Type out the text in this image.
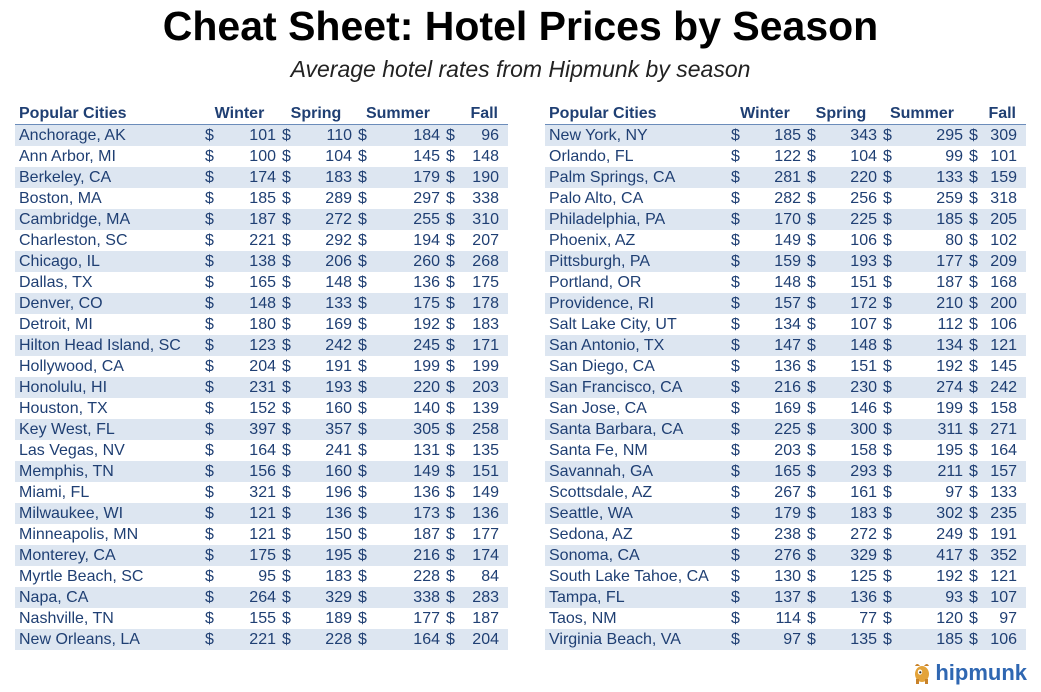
Cheat Sheet: Hotel Prices by Season
Average hotel rates from Hipmunk by season
Popular Cities	Winter	Spring	Summer	Fall
Anchorage, AK	$ 101	$ 110	$ 184	$ 96

Ann Arbor, MI	$ 100	$ 104	$ 145	$ 148

Berkeley, CA	$ 174	$ 183	$ 179	$ 190

Boston, MA	$ 185	$ 289	$ 297	$ 338

Cambridge, MA	$ 187	$ 272	$ 255	$ 310

Charleston, SC	$ 221	$ 292	$ 194	$ 207

Chicago, IL	$ 138	$ 206	$ 260	$ 268

Dallas, TX	$ 165	$ 148	$ 136	$ 175

Denver, CO	$ 148	$ 133	$ 175	$ 178

Detroit, MI	$ 180	$ 169	$ 192	$ 183

Hilton Head Island, SC	$ 123	$ 242	$ 245	$ 171

Hollywood, CA	$ 204	$ 191	$ 199	$ 199

Honolulu, HI	$ 231	$ 193	$ 220	$ 203

Houston, TX	$ 152	$ 160	$ 140	$ 139

Key West, FL	$ 397	$ 357	$ 305	$ 258

Las Vegas, NV	$ 164	$ 241	$ 131	$ 135

Memphis, TN	$ 156	$ 160	$ 149	$ 151

Miami, FL	$ 321	$ 196	$ 136	$ 149

Milwaukee, WI	$ 121	$ 136	$ 173	$ 136

Minneapolis, MN	$ 121	$ 150	$ 187	$ 177

Monterey, CA	$ 175	$ 195	$ 216	$ 174

Myrtle Beach, SC	$ 95	$ 183	$ 228	$ 84

Napa, CA	$ 264	$ 329	$ 338	$ 283

Nashville, TN	$ 155	$ 189	$ 177	$ 187

New Orleans, LA	$ 221	$ 228	$ 164	$ 204
Popular Cities	Winter	Spring	Summer	Fall
New York, NY	$ 185	$ 343	$ 295	$ 309

Orlando, FL	$ 122	$ 104	$ 99	$ 101

Palm Springs, CA	$ 281	$ 220	$ 133	$ 159

Palo Alto, CA	$ 282	$ 256	$ 259	$ 318

Philadelphia, PA	$ 170	$ 225	$ 185	$ 205

Phoenix, AZ	$ 149	$ 106	$ 80	$ 102

Pittsburgh, PA	$ 159	$ 193	$ 177	$ 209

Portland, OR	$ 148	$ 151	$ 187	$ 168

Providence, RI	$ 157	$ 172	$ 210	$ 200

Salt Lake City, UT	$ 134	$ 107	$ 112	$ 106

San Antonio, TX	$ 147	$ 148	$ 134	$ 121

San Diego, CA	$ 136	$ 151	$ 192	$ 145

San Francisco, CA	$ 216	$ 230	$ 274	$ 242

San Jose, CA	$ 169	$ 146	$ 199	$ 158

Santa Barbara, CA	$ 225	$ 300	$ 311	$ 271

Santa Fe, NM	$ 203	$ 158	$ 195	$ 164

Savannah, GA	$ 165	$ 293	$ 211	$ 157

Scottsdale, AZ	$ 267	$ 161	$ 97	$ 133

Seattle, WA	$ 179	$ 183	$ 302	$ 235

Sedona, AZ	$ 238	$ 272	$ 249	$ 191

Sonoma, CA	$ 276	$ 329	$ 417	$ 352

South Lake Tahoe, CA	$ 130	$ 125	$ 192	$ 121

Tampa, FL	$ 137	$ 136	$ 93	$ 107

Taos, NM	$ 114	$ 77	$ 120	$ 97

Virginia Beach, VA	$ 97	$ 135	$ 185	$ 106
hipmunk
